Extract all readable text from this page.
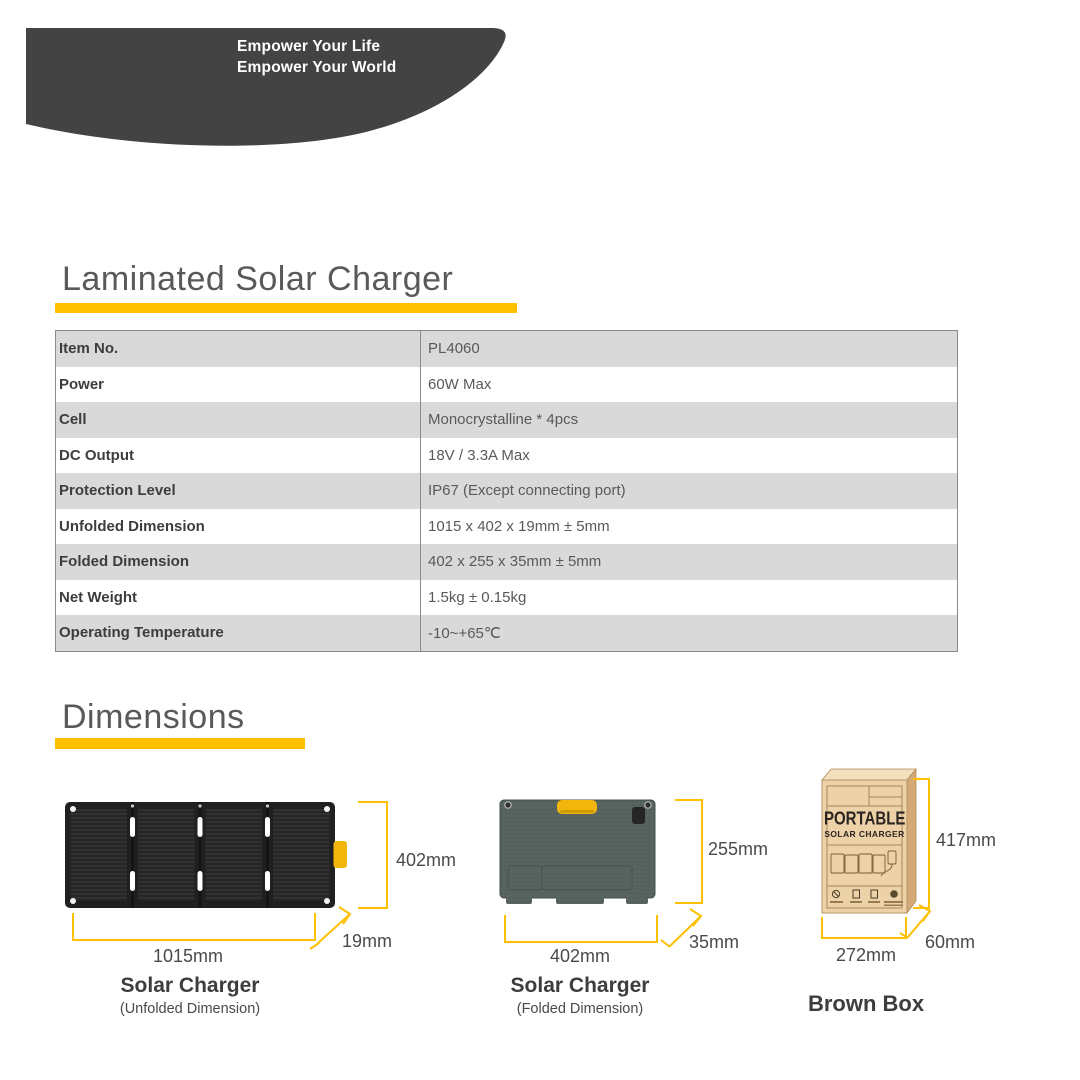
Empower Your Life
Empower Your World
Laminated Solar Charger
Item No.	PL4060
Power	60W Max
Cell	Monocrystalline * 4pcs
DC Output	18V / 3.3A Max
Protection Level	IP67 (Except connecting port)
Unfolded Dimension	1015 x 402 x 19mm ± 5mm
Folded Dimension	402 x 255 x 35mm ± 5mm
Net Weight	1.5kg ± 0.15kg
Operating Temperature	-10~+65℃
Dimensions
402mm
1015mm
19mm
Solar Charger
(Unfolded Dimension)
255mm
402mm
35mm
Solar Charger
(Folded Dimension)
417mm
272mm
60mm
Brown Box
PORTABLE
SOLAR CHARGER
